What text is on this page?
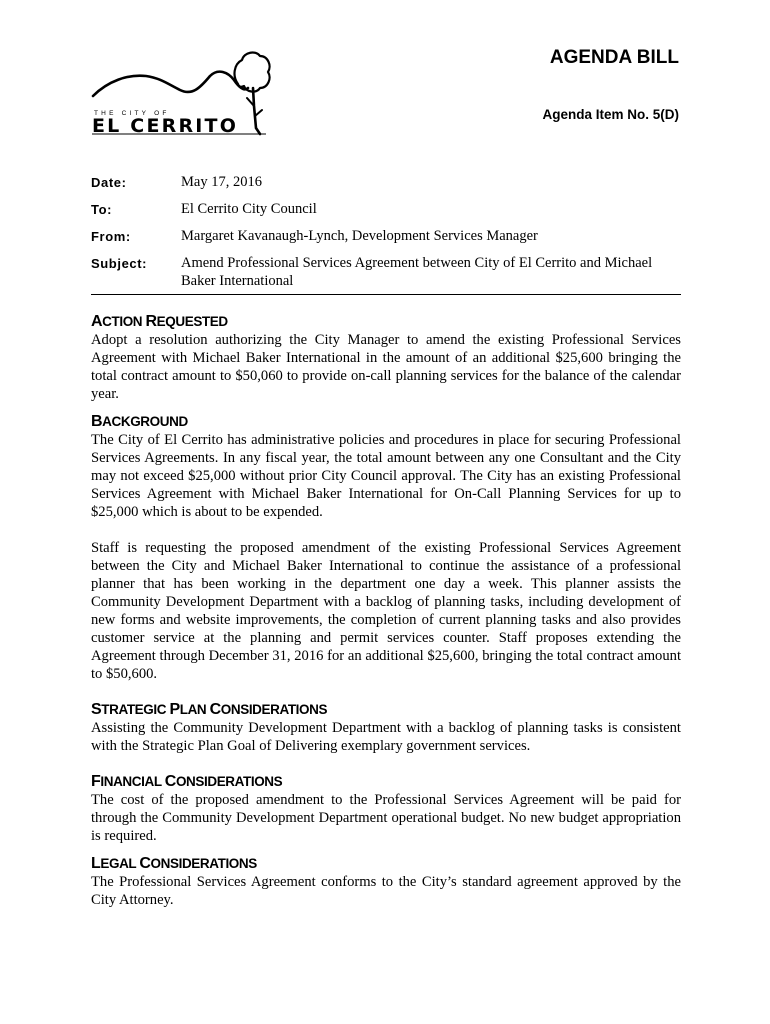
THE CITY OF
EL CERRITO
AGENDA BILL
Agenda Item No. 5(D)
Date:	May 17, 2016
To:	El Cerrito City Council
From:	Margaret Kavanaugh-Lynch, Development Services Manager
Subject:	Amend Professional Services Agreement between City of El Cerrito and Michael Baker International
ACTION REQUESTED

Adopt a resolution authorizing the City Manager to amend the existing Professional Services Agreement with Michael Baker International in the amount of an additional $25,600 bringing the total contract amount to $50,060 to provide on-call planning services for the balance of the calendar year.

BACKGROUND

The City of El Cerrito has administrative policies and procedures in place for securing Professional Services Agreements. In any fiscal year, the total amount between any one Consultant and the City may not exceed $25,000 without prior City Council approval. The City has an existing Professional Services Agreement with Michael Baker International for On-Call Planning Services for up to $25,000 which is about to be expended.

Staff is requesting the proposed amendment of the existing Professional Services Agreement between the City and Michael Baker International to continue the assistance of a professional planner that has been working in the department one day a week. This planner assists the Community Development Department with a backlog of planning tasks, including development of new forms and website improvements, the completion of current planning tasks and also provides customer service at the planning and permit services counter. Staff proposes extending the Agreement through December 31, 2016 for an additional $25,600, bringing the total contract amount to $50,600.

STRATEGIC PLAN CONSIDERATIONS

Assisting the Community Development Department with a backlog of planning tasks is consistent with the Strategic Plan Goal of Delivering exemplary government services.

FINANCIAL CONSIDERATIONS

The cost of the proposed amendment to the Professional Services Agreement will be paid for through the Community Development Department operational budget. No new budget appropriation is required.

LEGAL CONSIDERATIONS

The Professional Services Agreement conforms to the City’s standard agreement approved by the City Attorney.
